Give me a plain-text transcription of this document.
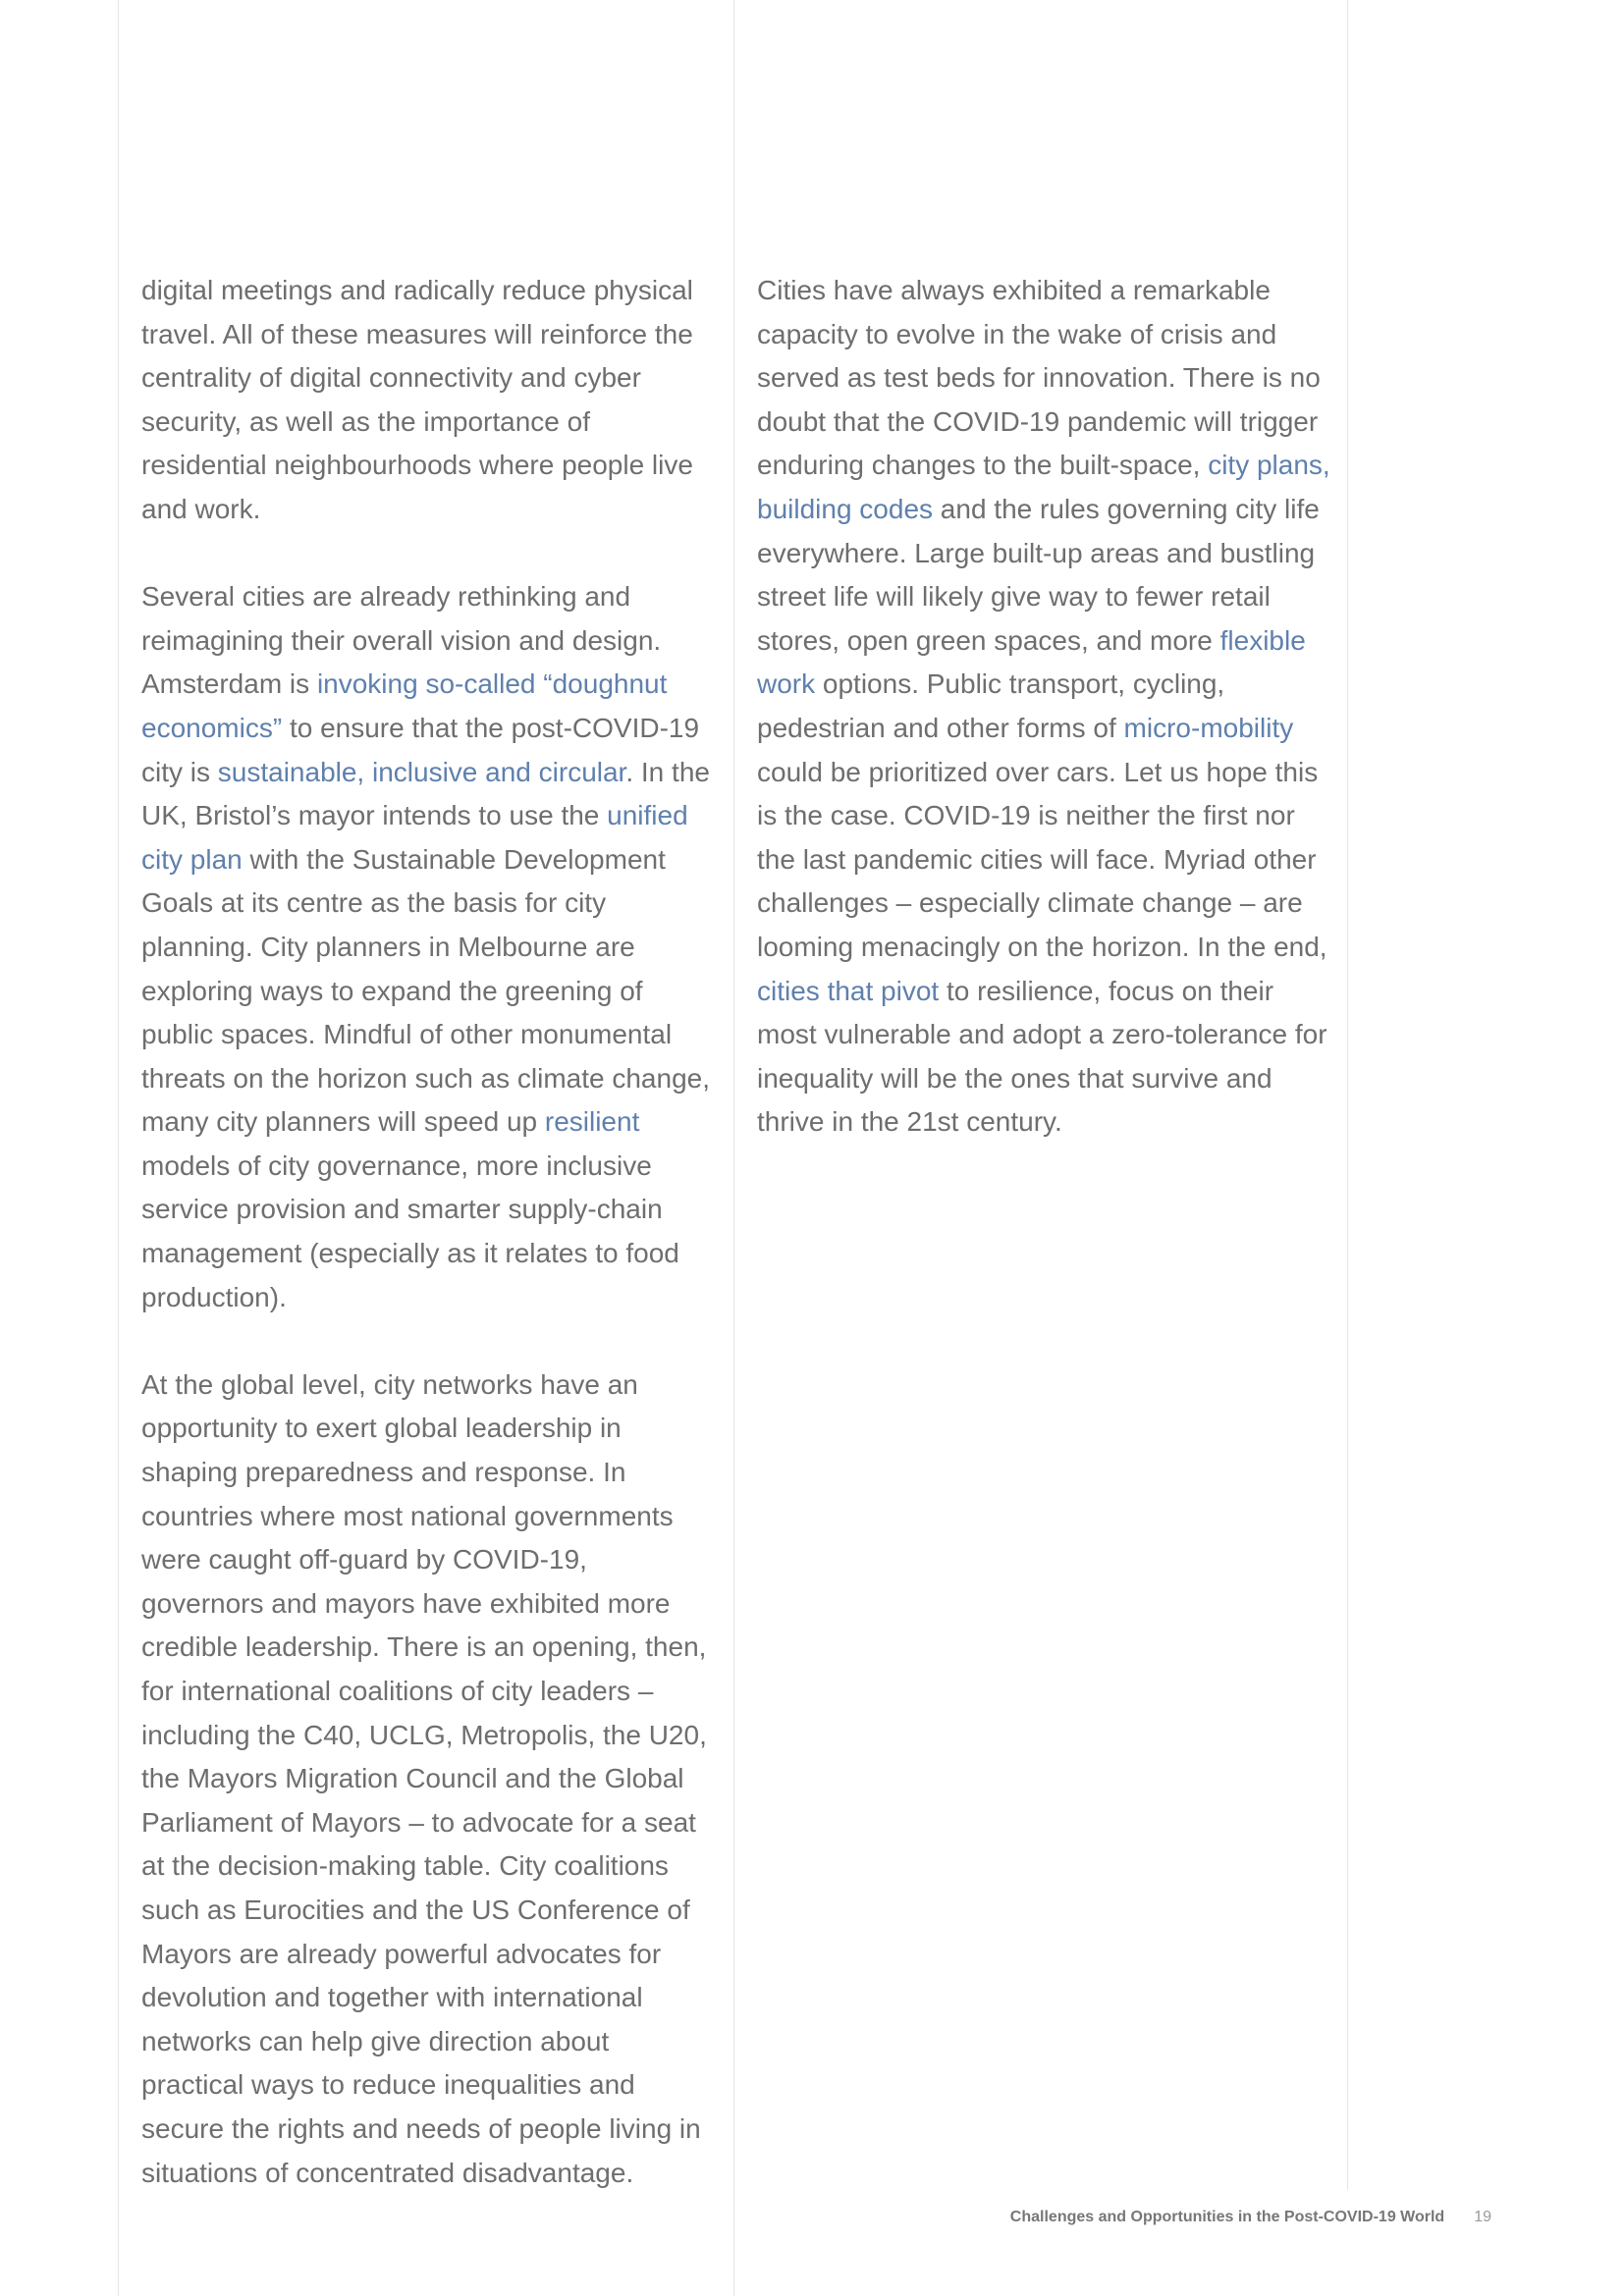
digital meetings and radically reduce physical travel. All of these measures will reinforce the centrality of digital connectivity and cyber security, as well as the importance of residential neighbourhoods where people live and work.

Several cities are already rethinking and reimagining their overall vision and design. Amsterdam is invoking so-called “doughnut economics” to ensure that the post-COVID-19 city is sustainable, inclusive and circular. In the UK, Bristol’s mayor intends to use the unified city plan with the Sustainable Development Goals at its centre as the basis for city planning. City planners in Melbourne are exploring ways to expand the greening of public spaces. Mindful of other monumental threats on the horizon such as climate change, many city planners will speed up resilient models of city governance, more inclusive service provision and smarter supply-chain management (especially as it relates to food production).

At the global level, city networks have an opportunity to exert global leadership in shaping preparedness and response. In countries where most national governments were caught off-guard by COVID-19, governors and mayors have exhibited more credible leadership. There is an opening, then, for international coalitions of city leaders – including the C40, UCLG, Metropolis, the U20, the Mayors Migration Council and the Global Parliament of Mayors – to advocate for a seat at the decision-making table. City coalitions such as Eurocities and the US Conference of Mayors are already powerful advocates for devolution and together with international networks can help give direction about practical ways to reduce inequalities and secure the rights and needs of people living in situations of concentrated disadvantage.

Cities have always exhibited a remarkable capacity to evolve in the wake of crisis and served as test beds for innovation. There is no doubt that the COVID-19 pandemic will trigger enduring changes to the built-space, city plans, building codes and the rules governing city life everywhere. Large built-up areas and bustling street life will likely give way to fewer retail stores, open green spaces, and more flexible work options. Public transport, cycling, pedestrian and other forms of micro-mobility could be prioritized over cars. Let us hope this is the case. COVID-19 is neither the first nor the last pandemic cities will face. Myriad other challenges – especially climate change – are looming menacingly on the horizon. In the end, cities that pivot to resilience, focus on their most vulnerable and adopt a zero-tolerance for inequality will be the ones that survive and thrive in the 21st century.

Challenges and Opportunities in the Post-COVID-19 World 19
